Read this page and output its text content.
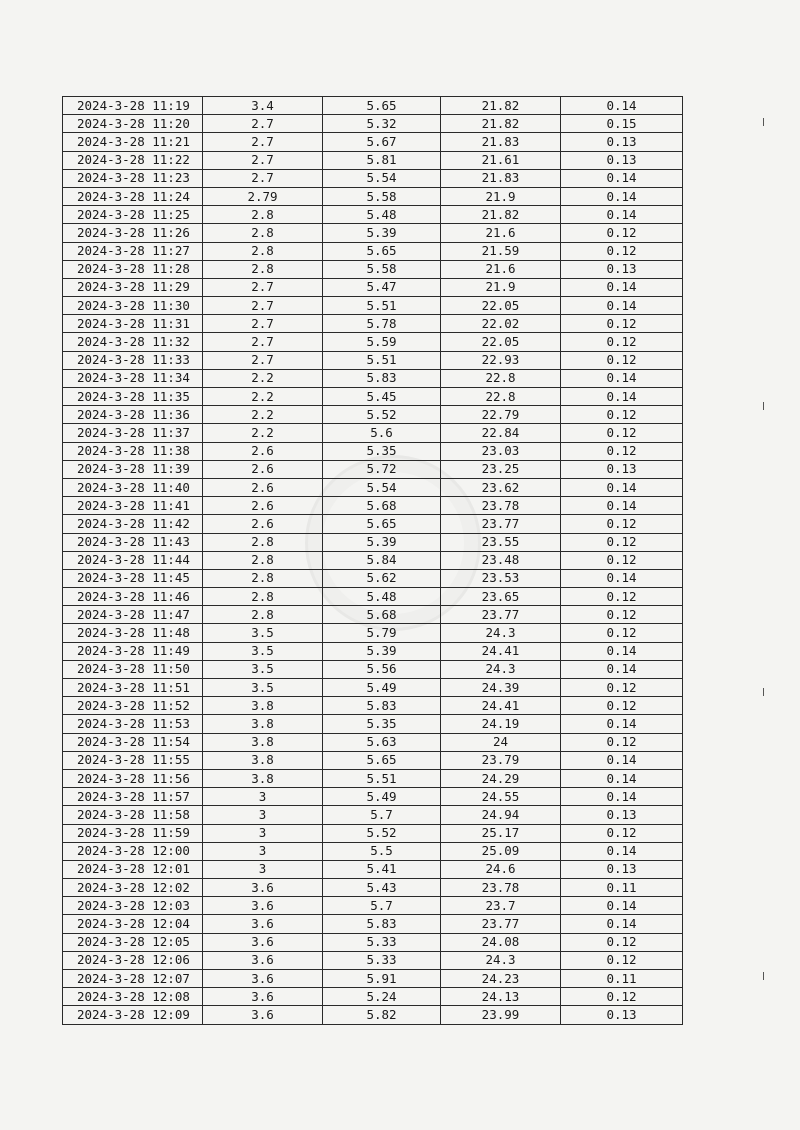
2024-3-28 11:19	3.4	5.65	21.82	0.14
2024-3-28 11:20	2.7	5.32	21.82	0.15
2024-3-28 11:21	2.7	5.67	21.83	0.13
2024-3-28 11:22	2.7	5.81	21.61	0.13
2024-3-28 11:23	2.7	5.54	21.83	0.14
2024-3-28 11:24	2.79	5.58	21.9	0.14
2024-3-28 11:25	2.8	5.48	21.82	0.14
2024-3-28 11:26	2.8	5.39	21.6	0.12
2024-3-28 11:27	2.8	5.65	21.59	0.12
2024-3-28 11:28	2.8	5.58	21.6	0.13
2024-3-28 11:29	2.7	5.47	21.9	0.14
2024-3-28 11:30	2.7	5.51	22.05	0.14
2024-3-28 11:31	2.7	5.78	22.02	0.12
2024-3-28 11:32	2.7	5.59	22.05	0.12
2024-3-28 11:33	2.7	5.51	22.93	0.12
2024-3-28 11:34	2.2	5.83	22.8	0.14
2024-3-28 11:35	2.2	5.45	22.8	0.14
2024-3-28 11:36	2.2	5.52	22.79	0.12
2024-3-28 11:37	2.2	5.6	22.84	0.12
2024-3-28 11:38	2.6	5.35	23.03	0.12
2024-3-28 11:39	2.6	5.72	23.25	0.13
2024-3-28 11:40	2.6	5.54	23.62	0.14
2024-3-28 11:41	2.6	5.68	23.78	0.14
2024-3-28 11:42	2.6	5.65	23.77	0.12
2024-3-28 11:43	2.8	5.39	23.55	0.12
2024-3-28 11:44	2.8	5.84	23.48	0.12
2024-3-28 11:45	2.8	5.62	23.53	0.14
2024-3-28 11:46	2.8	5.48	23.65	0.12
2024-3-28 11:47	2.8	5.68	23.77	0.12
2024-3-28 11:48	3.5	5.79	24.3	0.12
2024-3-28 11:49	3.5	5.39	24.41	0.14
2024-3-28 11:50	3.5	5.56	24.3	0.14
2024-3-28 11:51	3.5	5.49	24.39	0.12
2024-3-28 11:52	3.8	5.83	24.41	0.12
2024-3-28 11:53	3.8	5.35	24.19	0.14
2024-3-28 11:54	3.8	5.63	24	0.12
2024-3-28 11:55	3.8	5.65	23.79	0.14
2024-3-28 11:56	3.8	5.51	24.29	0.14
2024-3-28 11:57	3	5.49	24.55	0.14
2024-3-28 11:58	3	5.7	24.94	0.13
2024-3-28 11:59	3	5.52	25.17	0.12
2024-3-28 12:00	3	5.5	25.09	0.14
2024-3-28 12:01	3	5.41	24.6	0.13
2024-3-28 12:02	3.6	5.43	23.78	0.11
2024-3-28 12:03	3.6	5.7	23.7	0.14
2024-3-28 12:04	3.6	5.83	23.77	0.14
2024-3-28 12:05	3.6	5.33	24.08	0.12
2024-3-28 12:06	3.6	5.33	24.3	0.12
2024-3-28 12:07	3.6	5.91	24.23	0.11
2024-3-28 12:08	3.6	5.24	24.13	0.12
2024-3-28 12:09	3.6	5.82	23.99	0.13
